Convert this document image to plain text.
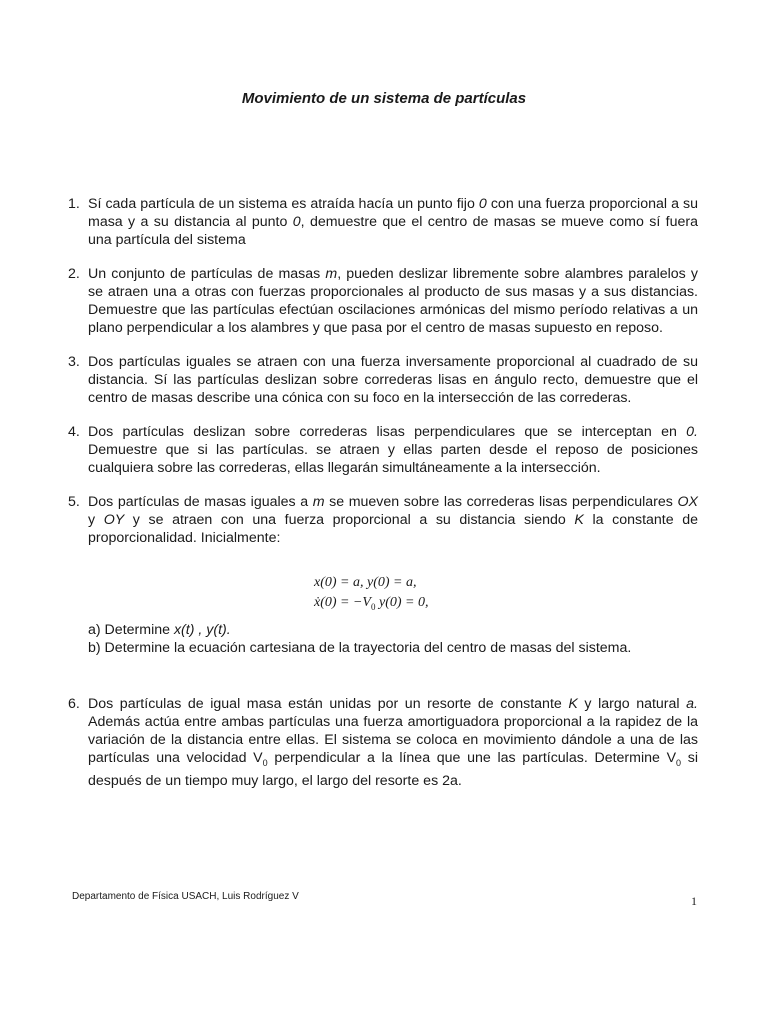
Movimiento de un sistema de partículas
1. Sí cada partícula de un sistema es atraída hacía un punto fijo 0 con una fuerza proporcional a su masa y a su distancia al punto 0, demuestre que el centro de masas se mueve como sí fuera una partícula del sistema
2. Un conjunto de partículas de masas m, pueden deslizar libremente sobre alambres paralelos y se atraen una a otras con fuerzas proporcionales al producto de sus masas y a sus distancias. Demuestre que las partículas efectúan oscilaciones armónicas del mismo período relativas a un plano perpendicular a los alambres y que pasa por el centro de masas supuesto en reposo.
3. Dos partículas iguales se atraen con una fuerza inversamente proporcional al cuadrado de su distancia. Sí las partículas deslizan sobre correderas lisas en ángulo recto, demuestre que el centro de masas describe una cónica con su foco en la intersección de las correderas.
4. Dos partículas deslizan sobre correderas lisas perpendiculares que se interceptan en 0. Demuestre que si las partículas. se atraen y ellas parten desde el reposo de posiciones cualquiera sobre las correderas, ellas llegarán simultáneamente a la intersección.
5. Dos partículas de masas iguales a m se mueven sobre las correderas lisas perpendiculares OX y OY y se atraen con una fuerza proporcional a su distancia siendo K la constante de proporcionalidad. Inicialmente:
x(0) = a, y(0) = a,
ẋ(0) = $-V_0$ y(0) = 0,
a) Determine x(t) , y(t).
b) Determine la ecuación cartesiana de la trayectoria del centro de masas del sistema.
6. Dos partículas de igual masa están unidas por un resorte de constante K y largo natural a. Además actúa entre ambas partículas una fuerza amortiguadora proporcional a la rapidez de la variación de la distancia entre ellas. El sistema se coloca en movimiento dándole a una de las partículas una velocidad $V_0$ perpendicular a la línea que une las partículas. Determine $V_0$ si después de un tiempo muy largo, el largo del resorte es 2a.
Departamento de Física USACH, Luis Rodríguez V	1
